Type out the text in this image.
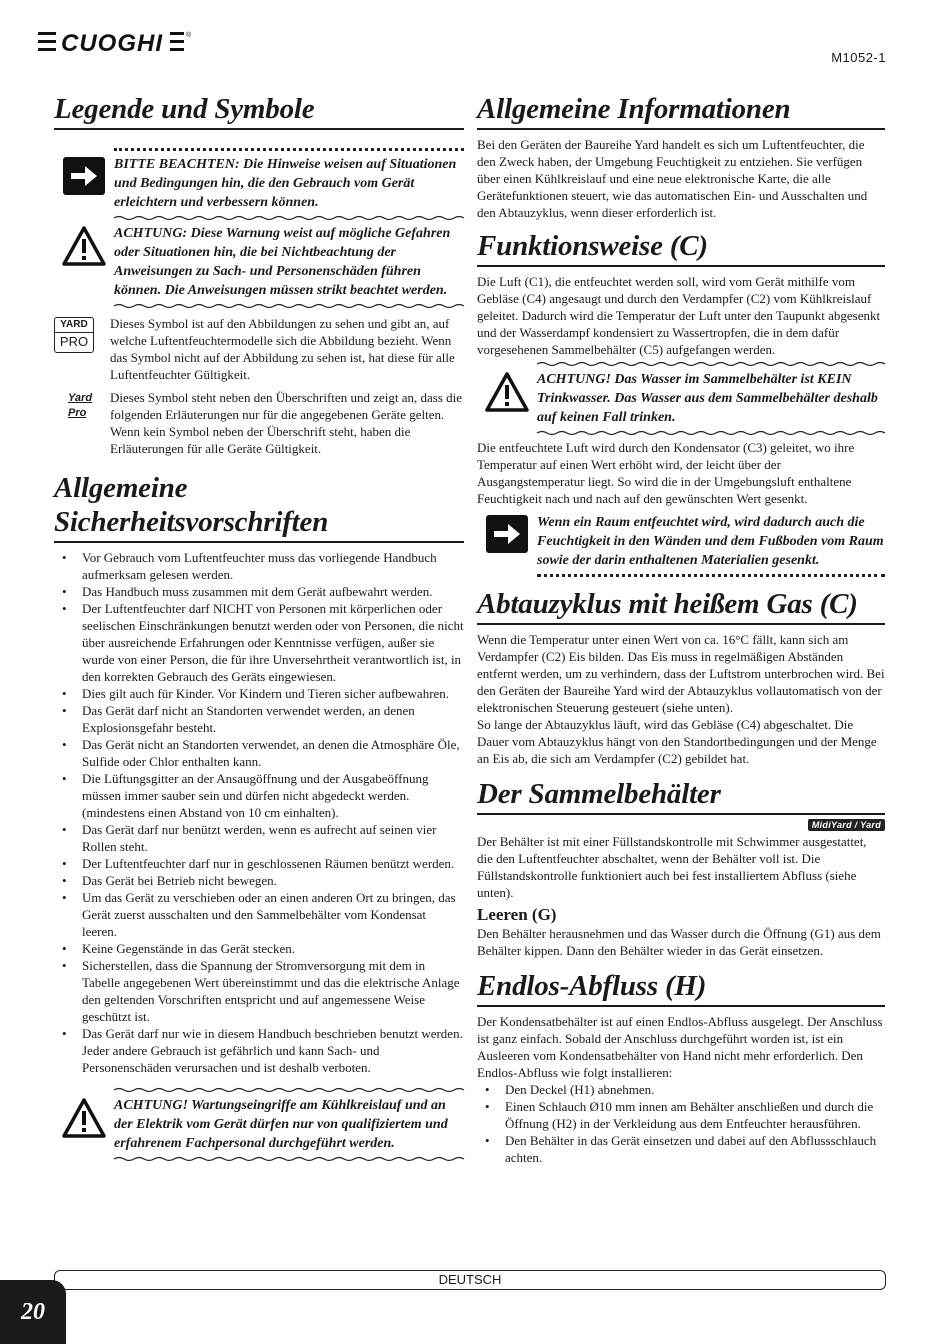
CUOGHI	®
M1052-1
Legende und Symbole
BITTE BEACHTEN: Die Hinweise weisen auf Situationen und Bedingungen hin, die den Gebrauch vom Gerät erleichtern und verbessern können.
ACHTUNG: Diese Warnung weist auf mögliche Gefahren oder Situationen hin, die bei Nichtbeachtung der Anweisungen zu Sach- und Personenschäden führen können. Die Anweisungen müssen strikt beachtet werden.
YARD
PRO

Dieses Symbol ist auf den Abbildungen zu sehen und gibt an, auf welche Luftentfeuchtermodelle sich die Abbildung bezieht. Wenn das Symbol nicht auf der Abbildung zu sehen ist, hat diese für alle Luftentfeuchter Gültigkeit.

Yard
Pro

Dieses Symbol steht neben den Überschriften und zeigt an, dass die folgenden Erläuterungen nur für die angegebenen Geräte gelten. Wenn kein Symbol neben der Überschrift steht, haben die Erläuterungen für alle Geräte Gültigkeit.

Allgemeine Sicherheitsvorschriften
• Vor Gebrauch vom Luftentfeuchter muss das vorliegende Handbuch aufmerksam gelesen werden.
• Das Handbuch muss zusammen mit dem Gerät aufbewahrt werden.
• Der Luftentfeuchter darf NICHT von Personen mit körperlichen oder seelischen Einschränkungen benutzt werden oder von Personen, die nicht über ausreichende Erfahrungen oder Kenntnisse verfügen, außer sie wurde von einer Person, die für ihre Unversehrtheit verantwortlich ist, in den korrekten Gebrauch des Geräts eingewiesen.
• Dies gilt auch für Kinder. Vor Kindern und Tieren sicher aufbewahren.
• Das Gerät darf nicht an Standorten verwendet werden, an denen Explosionsgefahr besteht.
• Das Gerät nicht an Standorten verwendet, an denen die Atmosphäre Öle, Sulfide oder Chlor enthalten kann.
• Die Lüftungsgitter an der Ansaugöffnung und der Ausgabeöffnung müssen immer sauber sein und dürfen nicht abgedeckt werden. (mindestens einen Abstand von 10 cm einhalten).
• Das Gerät darf nur benützt werden, wenn es aufrecht auf seinen vier Rollen steht.
• Der Luftentfeuchter darf nur in geschlossenen Räumen benützt werden.
• Das Gerät bei Betrieb nicht bewegen.
• Um das Gerät zu verschieben oder an einen anderen Ort zu bringen, das Gerät zuerst ausschalten und den Sammelbehälter vom Kondensat leeren.
• Keine Gegenstände in das Gerät stecken.
• Sicherstellen, dass die Spannung der Stromversorgung mit dem in Tabelle angegebenen Wert übereinstimmt und das die elektrische Anlage den geltenden Vorschriften entspricht und auf angemessene Weise geschützt ist.
• Das Gerät darf nur wie in diesem Handbuch beschrieben benutzt werden. Jeder andere Gebrauch ist gefährlich und kann Sach- und Personenschäden verursachen und ist deshalb verboten.
ACHTUNG! Wartungseingriffe am Kühlkreislauf und an der Elektrik vom Gerät dürfen nur von qualifiziertem und erfahrenem Fachpersonal durchgeführt werden.
Allgemeine Informationen

Bei den Geräten der Baureihe Yard handelt es sich um Luftentfeuchter, die den Zweck haben, der Umgebung Feuchtigkeit zu entziehen. Sie verfügen über einen Kühlkreislauf und eine neue elektronische Karte, die alle Gerätefunktionen steuert, wie das automatischen Ein- und Ausschalten und den Abtauzyklus, wenn dieser erforderlich ist.

Funktionsweise (C)

Die Luft (C1), die entfeuchtet werden soll, wird vom Gerät mithilfe vom Gebläse (C4) angesaugt und durch den Verdampfer (C2) vom Kühlkreislauf geleitet. Dadurch wird die Temperatur der Luft unter den Taupunkt abgesenkt und der Wasserdampf kondensiert zu Wassertropfen, die in dem dafür vorgesehenen Sammelbehälter (C5) aufgefangen werden.

ACHTUNG! Das Wasser im Sammelbehälter ist KEIN Trinkwasser. Das Wasser aus dem Sammelbehälter deshalb auf keinen Fall trinken.

Die entfeuchtete Luft wird durch den Kondensator (C3) geleitet, wo ihre Temperatur auf einen Wert erhöht wird, der leicht über der Ausgangstemperatur liegt. So wird die in der Umgebungsluft enthaltene Feuchtigkeit nach und nach auf den gewünschten Wert gesenkt.

Wenn ein Raum entfeuchtet wird, wird dadurch auch die Feuchtigkeit in den Wänden und dem Fußboden vom Raum sowie der darin enthaltenen Materialien gesenkt.
Abtauzyklus mit heißem Gas (C)

Wenn die Temperatur unter einen Wert von ca. 16°C fällt, kann sich am Verdampfer (C2) Eis bilden. Das Eis muss in regelmäßigen Abständen entfernt werden, um zu verhindern, dass der Luftstrom unterbrochen wird. Bei den Geräten der Baureihe Yard wird der Abtauzyklus vollautomatisch von der elektronischen Steuerung gesteuert (siehe unten).

So lange der Abtauzyklus läuft, wird das Gebläse (C4) abgeschaltet. Die Dauer vom Abtauzyklus hängt von den Standortbedingungen und der Menge an Eis ab, die sich am Verdampfer (C2) gebildet hat.

Der Sammelbehälter
MidiYard / Yard

Der Behälter ist mit einer Füllstandskontrolle mit Schwimmer ausgestattet, die den Luftentfeuchter abschaltet, wenn der Behälter voll ist. Die Füllstandskontrolle funktioniert auch bei fest installiertem Abfluss (siehe unten).

Leeren (G)

Den Behälter herausnehmen und das Wasser durch die Öffnung (G1) aus dem Behälter kippen. Dann den Behälter wieder in das Gerät einsetzen.

Endlos-Abfluss (H)

Der Kondensatbehälter ist auf einen Endlos-Abfluss ausgelegt. Der Anschluss ist ganz einfach. Sobald der Anschluss durchgeführt worden ist, ist ein Ausleeren vom Kondensatbehälter von Hand nicht mehr erforderlich. Den Endlos-Abfluss wie folgt installieren:

• Den Deckel (H1) abnehmen.
• Einen Schlauch Ø10 mm innen am Behälter anschließen und durch die Öffnung (H2) in der Verkleidung aus dem Entfeuchter herausführen.
• Den Behälter in das Gerät einsetzen und dabei auf den Abflussschlauch achten.
DEUTSCH
20
